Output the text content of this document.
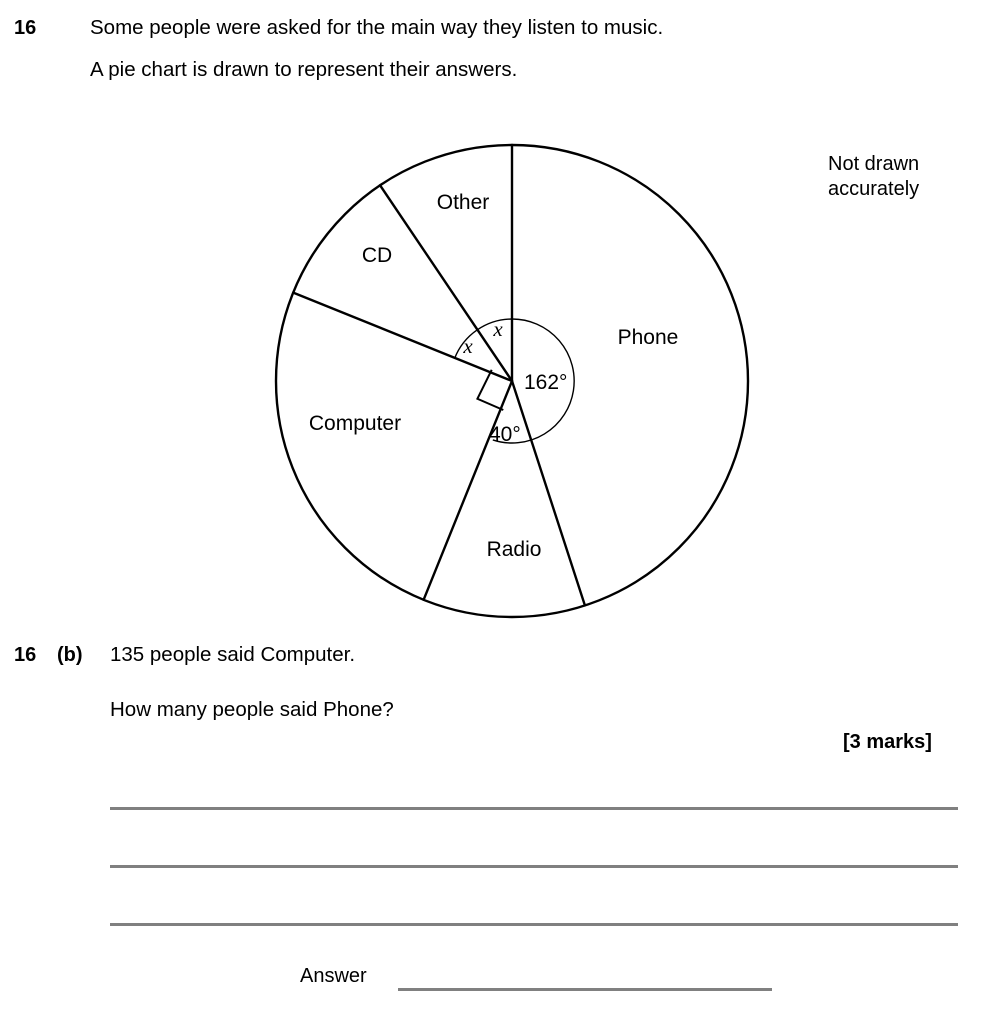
16	Some people were asked for the main way they listen to music.
A pie chart is drawn to represent their answers.
Not drawn
accurately
Phone
Radio
Computer
CD
Other
162°
40°
x
x
16 (b) 135 people said Computer.
How many people said Phone?
[3 marks]
Answer
